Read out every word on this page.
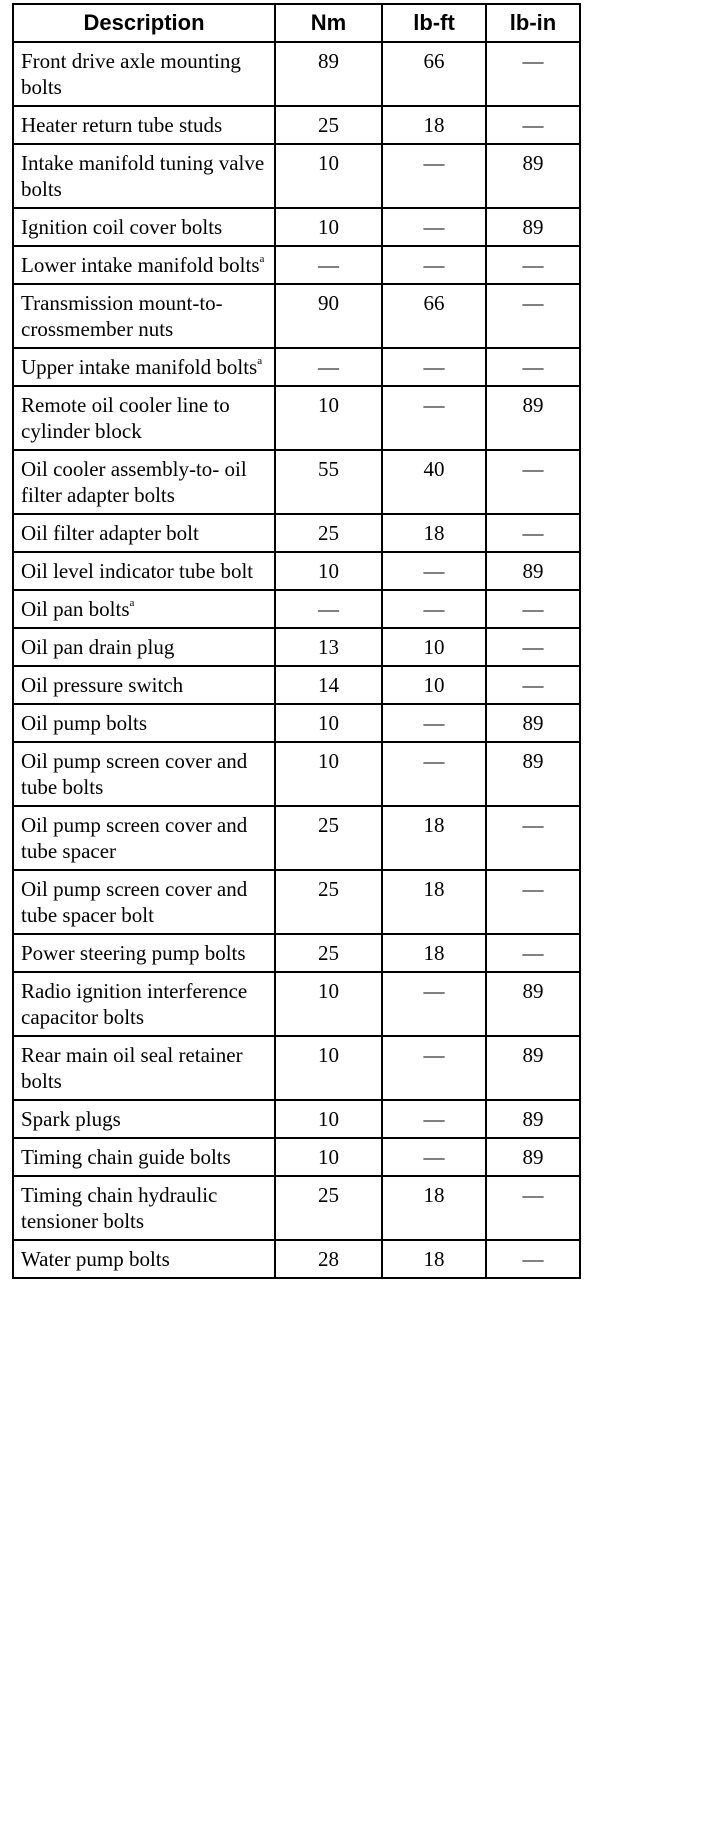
Description	Nm	lb-ft	lb-in
Front drive axle mounting bolts	89	66	—
Heater return tube studs	25	18	—
Intake manifold tuning valve bolts	10	—	89
Ignition coil cover bolts	10	—	89
Lower intake manifold bolts$^a$	—	—	—
Transmission mount-to-crossmember nuts	90	66	—
Upper intake manifold bolts$^a$	—	—	—
Remote oil cooler line to cylinder block	10	—	89
Oil cooler assembly-to- oil filter adapter bolts	55	40	—
Oil filter adapter bolt	25	18	—
Oil level indicator tube bolt	10	—	89
Oil pan bolts$^a$	—	—	—
Oil pan drain plug	13	10	—
Oil pressure switch	14	10	—
Oil pump bolts	10	—	89
Oil pump screen cover and tube bolts	10	—	89
Oil pump screen cover and tube spacer	25	18	—
Oil pump screen cover and tube spacer bolt	25	18	—
Power steering pump bolts	25	18	—
Radio ignition interference capacitor bolts	10	—	89
Rear main oil seal retainer bolts	10	—	89
Spark plugs	10	—	89
Timing chain guide bolts	10	—	89
Timing chain hydraulic tensioner bolts	25	18	—
Water pump bolts	28	18	—
